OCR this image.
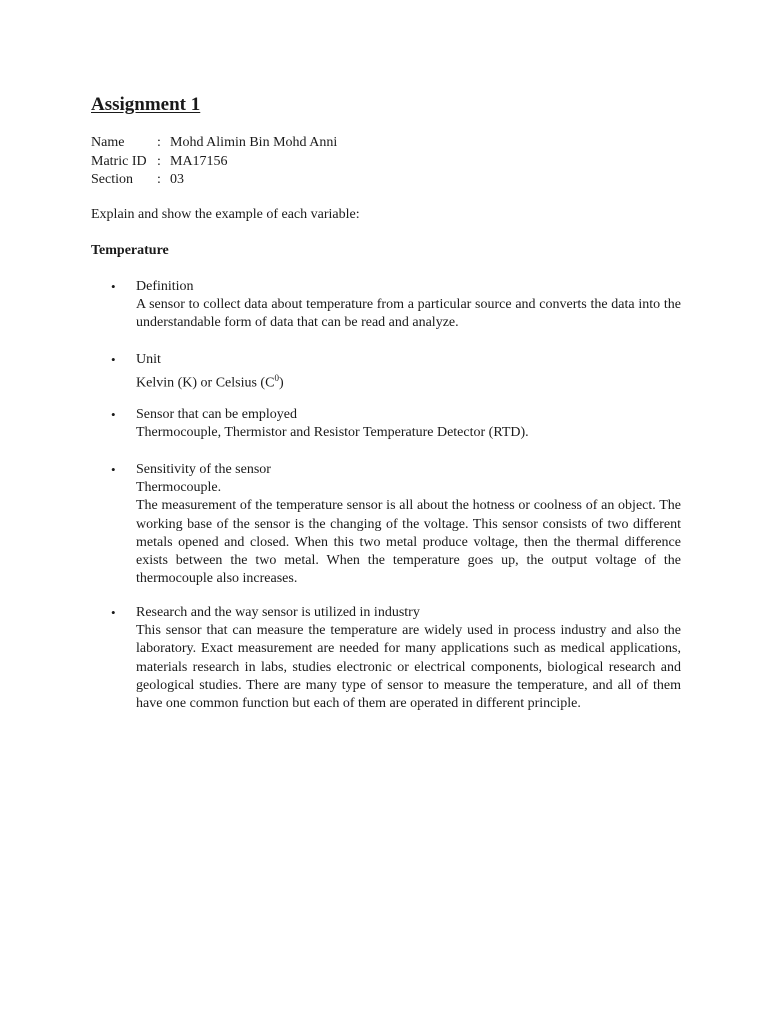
Assignment 1
Name	: Mohd Alimin Bin Mohd Anni
Matric ID : MA17156
Section	: 03

Explain and show the example of each variable:

Temperature

•	Definition
A sensor to collect data about temperature from a particular source and converts the data into the understandable form of data that can be read and analyze.
•	Unit
Kelvin (K) or Celsius $(C^0)$
•	Sensor that can be employed
Thermocouple, Thermistor and Resistor Temperature Detector (RTD).
•	Sensitivity of the sensor
Thermocouple.
The measurement of the temperature sensor is all about the hotness or coolness of an object. The working base of the sensor is the changing of the voltage. This sensor consists of two different metals opened and closed. When this two metal produce voltage, then the thermal difference exists between the two metal. When the temperature goes up, the output voltage of the thermocouple also increases.
•	Research and the way sensor is utilized in industry
This sensor that can measure the temperature are widely used in process industry and also the laboratory. Exact measurement are needed for many applications such as medical applications, materials research in labs, studies electronic or electrical components, biological research and geological studies. There are many type of sensor to measure the temperature, and all of them have one common function but each of them are operated in different principle.
